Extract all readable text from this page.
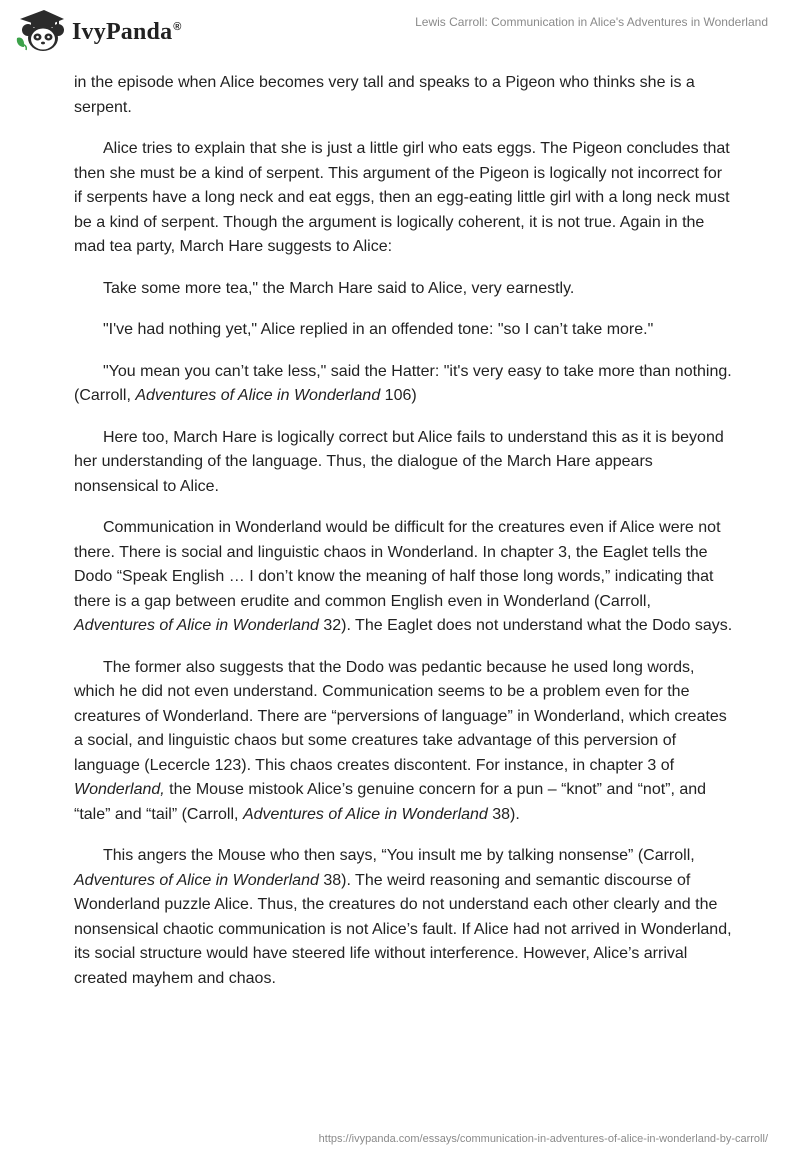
IvyPanda®	Lewis Carroll: Communication in Alice's Adventures in Wonderland

in the episode when Alice becomes very tall and speaks to a Pigeon who thinks she is a serpent.

Alice tries to explain that she is just a little girl who eats eggs. The Pigeon concludes that then she must be a kind of serpent. This argument of the Pigeon is logically not incorrect for if serpents have a long neck and eat eggs, then an egg-eating little girl with a long neck must be a kind of serpent. Though the argument is logically coherent, it is not true. Again in the mad tea party, March Hare suggests to Alice:

Take some more tea," the March Hare said to Alice, very earnestly.

"I've had nothing yet," Alice replied in an offended tone: "so I can’t take more."

"You mean you can’t take less," said the Hatter: "it's very easy to take more than nothing. (Carroll, Adventures of Alice in Wonderland 106)

Here too, March Hare is logically correct but Alice fails to understand this as it is beyond her understanding of the language. Thus, the dialogue of the March Hare appears nonsensical to Alice.

Communication in Wonderland would be difficult for the creatures even if Alice were not there. There is social and linguistic chaos in Wonderland. In chapter 3, the Eaglet tells the Dodo “Speak English … I don’t know the meaning of half those long words,” indicating that there is a gap between erudite and common English even in Wonderland (Carroll, Adventures of Alice in Wonderland 32). The Eaglet does not understand what the Dodo says.

The former also suggests that the Dodo was pedantic because he used long words, which he did not even understand. Communication seems to be a problem even for the creatures of Wonderland. There are “perversions of language” in Wonderland, which creates a social, and linguistic chaos but some creatures take advantage of this perversion of language (Lecercle 123). This chaos creates discontent. For instance, in chapter 3 of Wonderland, the Mouse mistook Alice’s genuine concern for a pun – “knot” and “not”, and “tale” and “tail” (Carroll, Adventures of Alice in Wonderland 38).

This angers the Mouse who then says, “You insult me by talking nonsense” (Carroll, Adventures of Alice in Wonderland 38). The weird reasoning and semantic discourse of Wonderland puzzle Alice. Thus, the creatures do not understand each other clearly and the nonsensical chaotic communication is not Alice’s fault. If Alice had not arrived in Wonderland, its social structure would have steered life without interference. However, Alice’s arrival created mayhem and chaos.

https://ivypanda.com/essays/communication-in-adventures-of-alice-in-wonderland-by-carroll/
